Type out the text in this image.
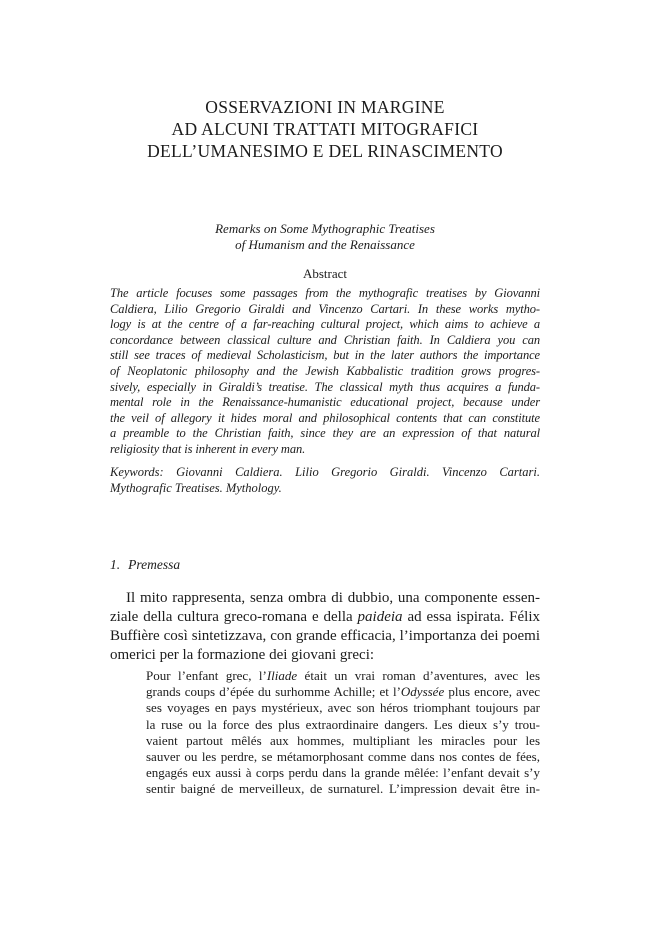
OSSERVAZIONI IN MARGINE
AD ALCUNI TRATTATI MITOGRAFICI
DELL’UMANESIMO E DEL RINASCIMENTO
Remarks on Some Mythographic Treatises
of Humanism and the Renaissance
Abstract
The article focuses some passages from the mythografic treatises by Giovanni
Caldiera, Lilio Gregorio Giraldi and Vincenzo Cartari. In these works mytho-
logy is at the centre of a far-reaching cultural project, which aims to achieve a
concordance between classical culture and Christian faith. In Caldiera you can
still see traces of medieval Scholasticism, but in the later authors the importance
of Neoplatonic philosophy and the Jewish Kabbalistic tradition grows progres-
sively, especially in Giraldi’s treatise. The classical myth thus acquires a funda-
mental role in the Renaissance-humanistic educational project, because under
the veil of allegory it hides moral and philosophical contents that can constitute
a preamble to the Christian faith, since they are an expression of that natural
religiosity that is inherent in every man.
Keywords: Giovanni Caldiera. Lilio Gregorio Giraldi. Vincenzo Cartari.
Mythografic Treatises. Mythology.
1. Premessa
Il mito rappresenta, senza ombra di dubbio, una componente essen-
ziale della cultura greco-romana e della paideia ad essa ispirata. Félix
Buffière così sintetizzava, con grande efficacia, l’importanza dei poemi
omerici per la formazione dei giovani greci:
Pour l’enfant grec, l’Iliade était un vrai roman d’aventures, avec les
grands coups d’épée du surhomme Achille; et l’Odyssée plus encore, avec
ses voyages en pays mystérieux, avec son héros triomphant toujours par
la ruse ou la force des plus extraordinaire dangers. Les dieux s’y trou-
vaient partout mêlés aux hommes, multipliant les miracles pour les
sauver ou les perdre, se métamorphosant comme dans nos contes de fées,
engagés eux aussi à corps perdu dans la grande mêlée: l’enfant devait s’y
sentir baigné de merveilleux, de surnaturel. L’impression devait être in-
